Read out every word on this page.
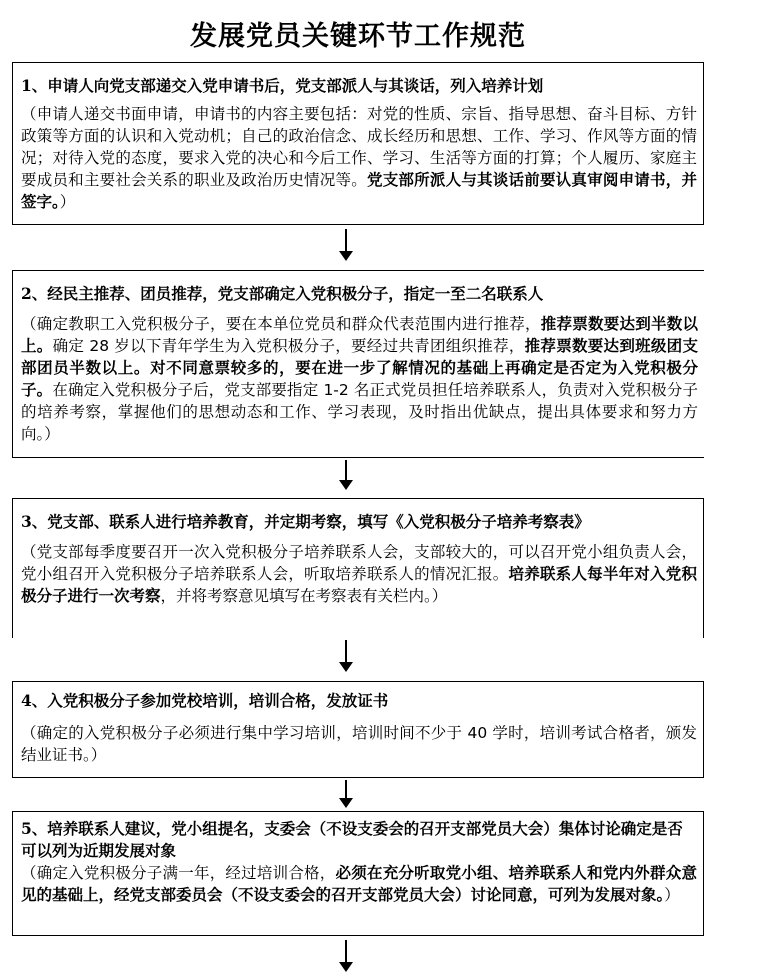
发展党员关键环节工作规范
1、申请人向党支部递交入党申请书后，党支部派人与其谈话，列入培养计划
（申请人递交书面申请，申请书的内容主要包括：对党的性质、宗旨、指导思想、奋斗目标、方针政策等方面的认识和入党动机；自己的政治信念、成长经历和思想、工作、学习、作风等方面的情况；对待入党的态度，要求入党的决心和今后工作、学习、生活等方面的打算；个人履历、家庭主要成员和主要社会关系的职业及政治历史情况等。党支部所派人与其谈话前要认真审阅申请书，并签字。）
2、经民主推荐、团员推荐，党支部确定入党积极分子，指定一至二名联系人
（确定教职工入党积极分子，要在本单位党员和群众代表范围内进行推荐，推荐票数要达到半数以上。确定 28 岁以下青年学生为入党积极分子，要经过共青团组织推荐，推荐票数要达到班级团支部团员半数以上。对不同意票较多的，要在进一步了解情况的基础上再确定是否定为入党积极分子。在确定入党积极分子后，党支部要指定 1-2 名正式党员担任培养联系人，负责对入党积极分子的培养考察，掌握他们的思想动态和工作、学习表现，及时指出优缺点，提出具体要求和努力方向。）
3、党支部、联系人进行培养教育，并定期考察，填写《入党积极分子培养考察表》
（党支部每季度要召开一次入党积极分子培养联系人会，支部较大的，可以召开党小组负责人会，党小组召开入党积极分子培养联系人会，听取培养联系人的情况汇报。培养联系人每半年对入党积极分子进行一次考察，并将考察意见填写在考察表有关栏内。）
4、入党积极分子参加党校培训，培训合格，发放证书
（确定的入党积极分子必须进行集中学习培训，培训时间不少于 40 学时，培训考试合格者，颁发结业证书。）
5、培养联系人建议，党小组提名，支委会（不设支委会的召开支部党员大会）集体讨论确定是否可以列为近期发展对象
（确定入党积极分子满一年，经过培训合格，必须在充分听取党小组、培养联系人和党内外群众意见的基础上，经党支部委员会（不设支委会的召开支部党员大会）讨论同意，可列为发展对象。）
